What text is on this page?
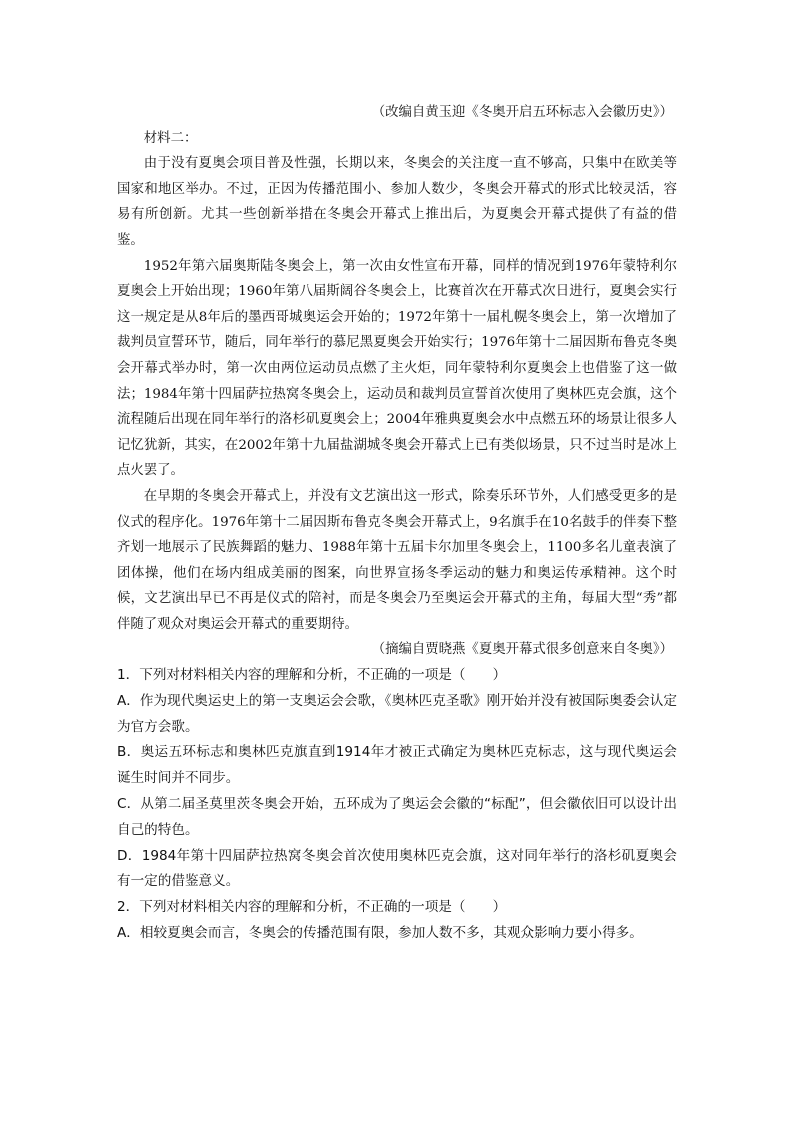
（改编自黄玉迎《冬奥开启五环标志入会徽历史》）
材料二：

由于没有夏奥会项目普及性强，长期以来，冬奥会的关注度一直不够高，只集中在欧美等国家和地区举办。不过，正因为传播范围小、参加人数少，冬奥会开幕式的形式比较灵活，容易有所创新。尤其一些创新举措在冬奥会开幕式上推出后，为夏奥会开幕式提供了有益的借鉴。

1952年第六届奥斯陆冬奥会上，第一次由女性宣布开幕，同样的情况到1976年蒙特利尔夏奥会上开始出现；1960年第八届斯阔谷冬奥会上，比赛首次在开幕式次日进行，夏奥会实行这一规定是从8年后的墨西哥城奥运会开始的；1972年第十一届札幌冬奥会上，第一次增加了裁判员宣誓环节，随后，同年举行的慕尼黑夏奥会开始实行；1976年第十二届因斯布鲁克冬奥会开幕式举办时，第一次由两位运动员点燃了主火炬，同年蒙特利尔夏奥会上也借鉴了这一做法；1984年第十四届萨拉热窝冬奥会上，运动员和裁判员宣誓首次使用了奥林匹克会旗，这个流程随后出现在同年举行的洛杉矶夏奥会上；2004年雅典夏奥会水中点燃五环的场景让很多人记忆犹新，其实，在2002年第十九届盐湖城冬奥会开幕式上已有类似场景，只不过当时是冰上点火罢了。

在早期的冬奥会开幕式上，并没有文艺演出这一形式，除奏乐环节外，人们感受更多的是仪式的程序化。1976年第十二届因斯布鲁克冬奥会开幕式上，9名旗手在10名鼓手的伴奏下整齐划一地展示了民族舞蹈的魅力、1988年第十五届卡尔加里冬奥会上，1100多名儿童表演了团体操，他们在场内组成美丽的图案，向世界宣扬冬季运动的魅力和奥运传承精神。这个时候，文艺演出早已不再是仪式的陪衬，而是冬奥会乃至奥运会开幕式的主角，每届大型“秀”都伴随了观众对奥运会开幕式的重要期待。

（摘编自贾晓燕《夏奥开幕式很多创意来自冬奥》）

1．下列对材料相关内容的理解和分析，不正确的一项是（　　）

A．作为现代奥运史上的第一支奥运会会歌，《奥林匹克圣歌》刚开始并没有被国际奥委会认定为官方会歌。

B．奥运五环标志和奥林匹克旗直到1914年才被正式确定为奥林匹克标志，这与现代奥运会诞生时间并不同步。

C．从第二届圣莫里茨冬奥会开始，五环成为了奥运会会徽的“标配”，但会徽依旧可以设计出自己的特色。

D．1984年第十四届萨拉热窝冬奥会首次使用奥林匹克会旗，这对同年举行的洛杉矶夏奥会有一定的借鉴意义。

2．下列对材料相关内容的理解和分析，不正确的一项是（　　）

A．相较夏奥会而言，冬奥会的传播范围有限，参加人数不多，其观众影响力要小得多。
